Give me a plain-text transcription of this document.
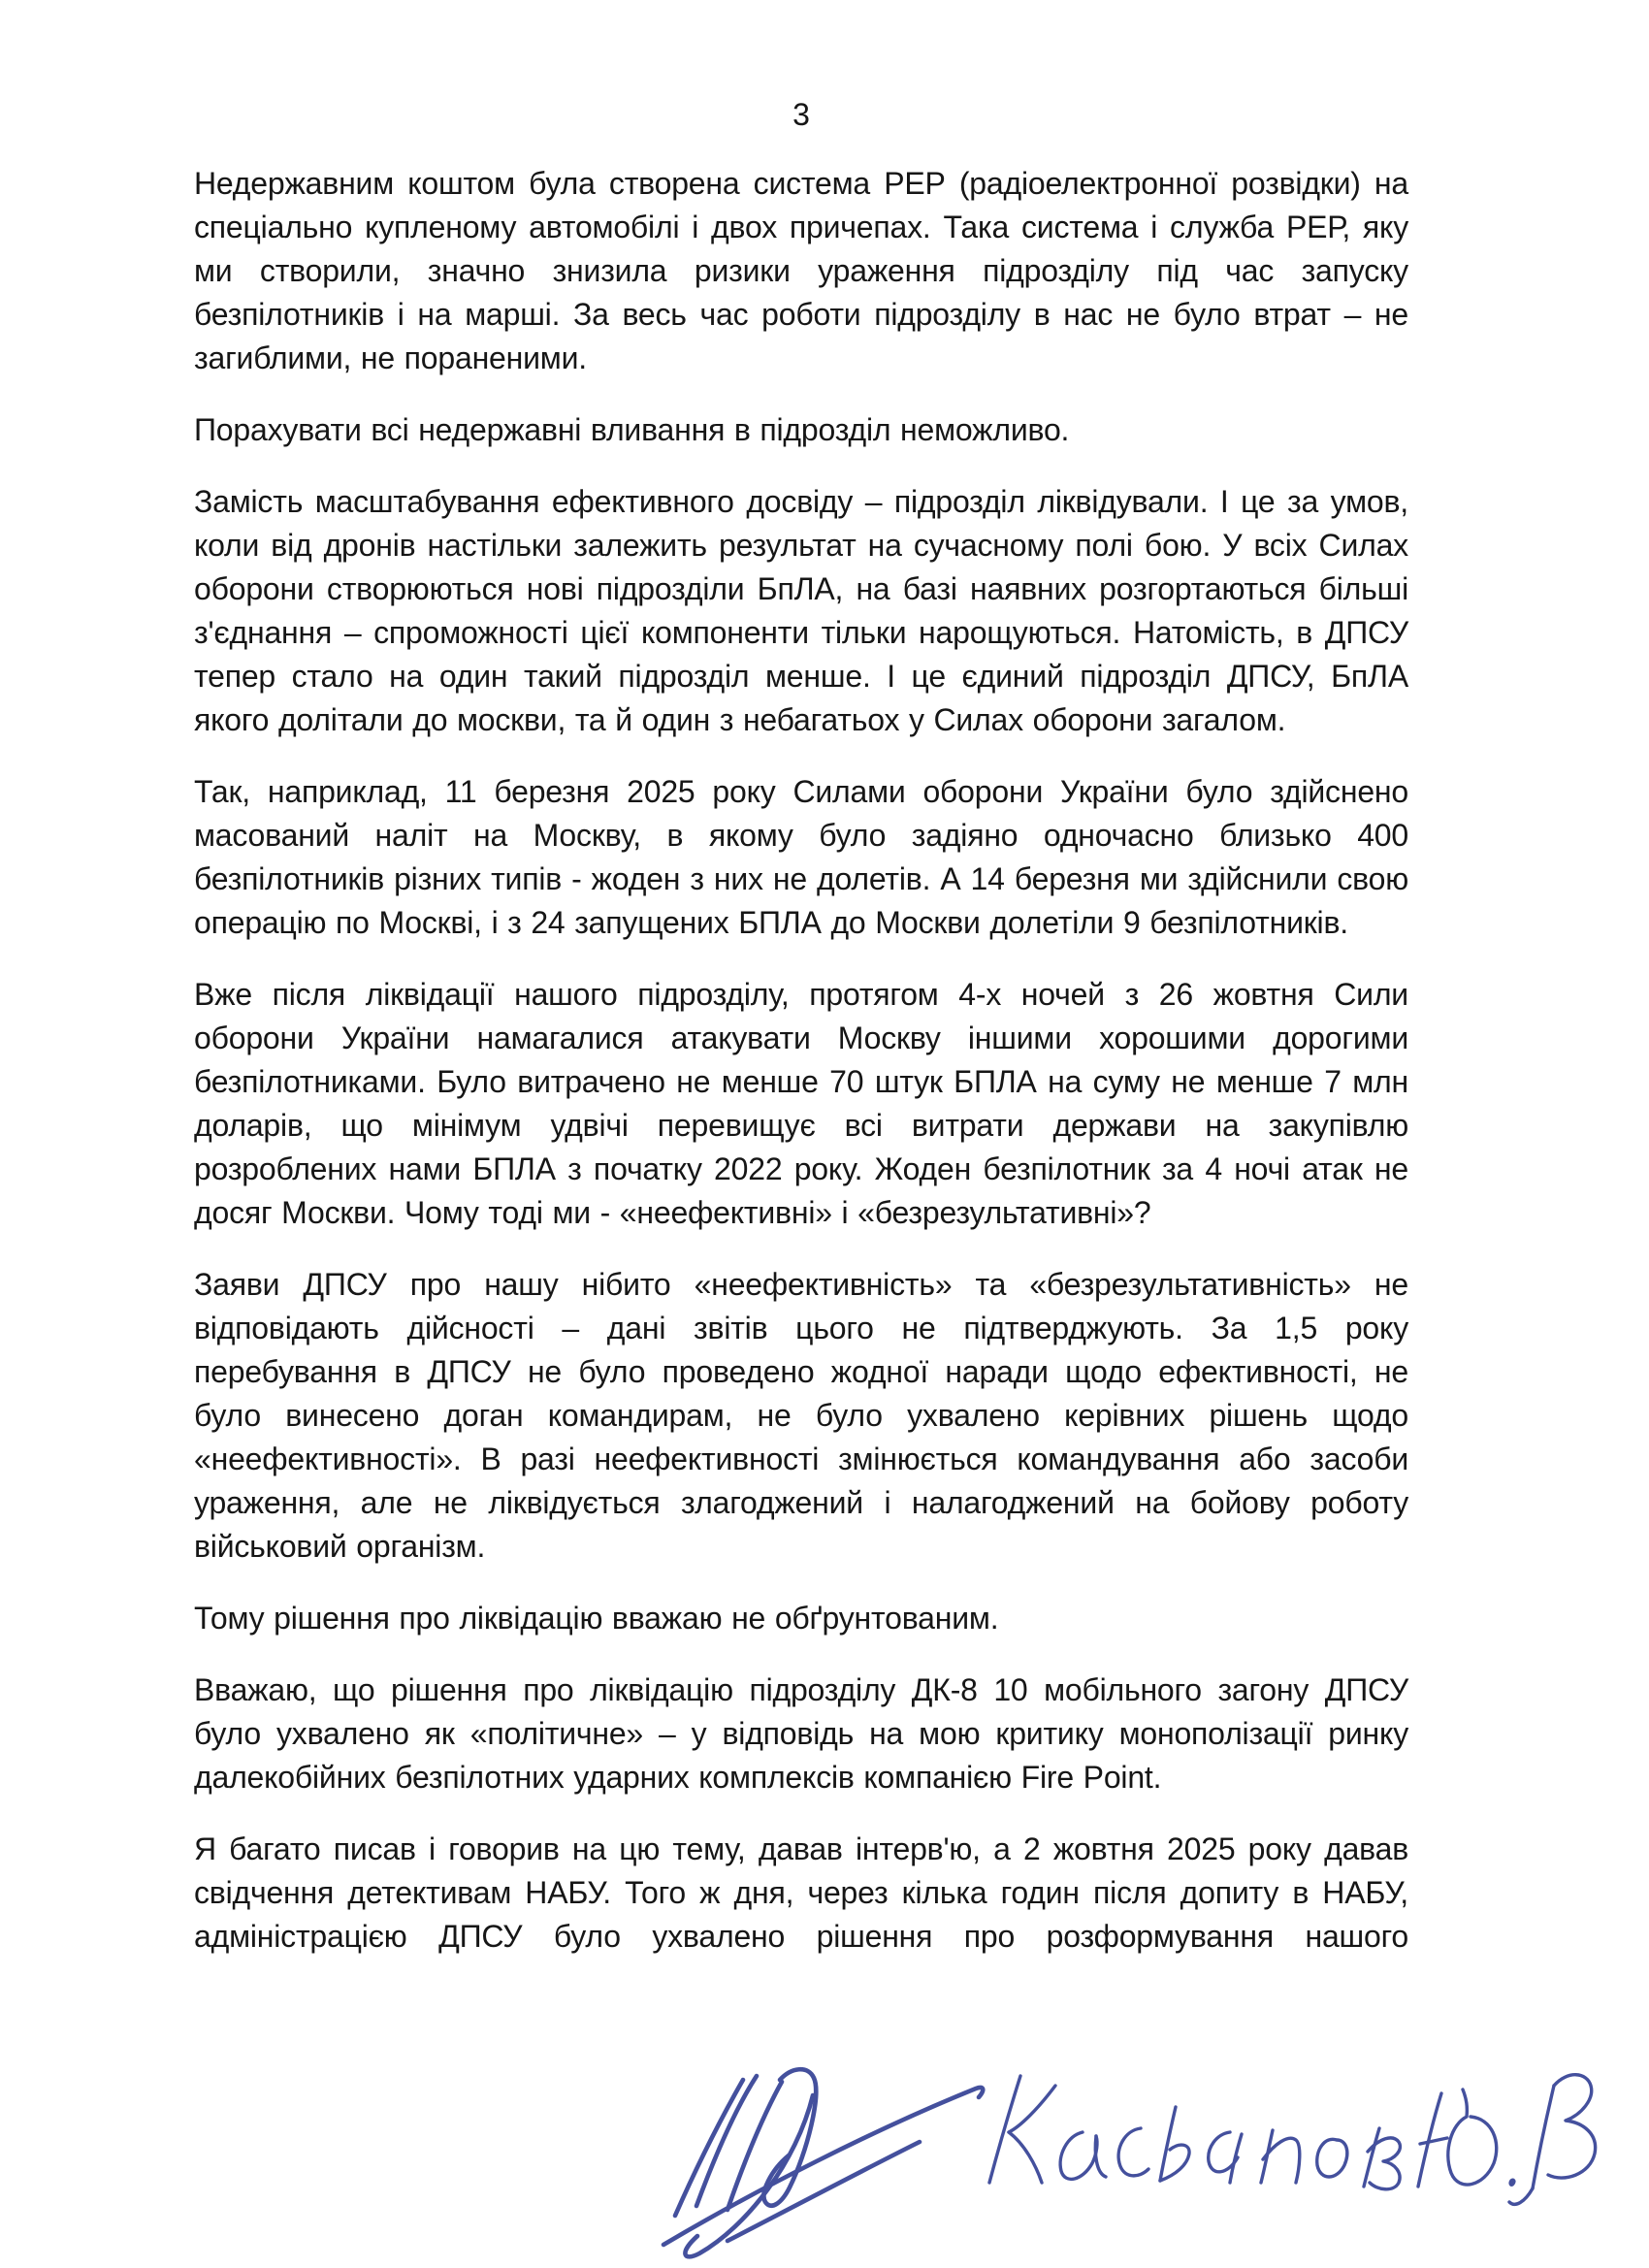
3

Недержавним коштом була створена система РЕР (радіоелектронної розвідки) на спеціально купленому автомобілі і двох причепах. Така система і служба РЕР, яку ми створили, значно знизила ризики ураження підрозділу під час запуску безпілотників і на марші. За весь час роботи підрозділу в нас не було втрат – не загиблими, не пораненими.

Порахувати всі недержавні вливання в підрозділ неможливо.

Замість масштабування ефективного досвіду – підрозділ ліквідували. І це за умов, коли від дронів настільки залежить результат на сучасному полі бою. У всіх Силах оборони створюються нові підрозділи БпЛА, на базі наявних розгортаються більші з'єднання – спроможності цієї компоненти тільки нарощуються. Натомість, в ДПСУ тепер стало на один такий підрозділ менше. І це єдиний підрозділ ДПСУ, БпЛА якого долітали до москви, та й один з небагатьох у Силах оборони загалом.

Так, наприклад, 11 березня 2025 року Силами оборони України було здійснено масований наліт на Москву, в якому було задіяно одночасно близько 400 безпілотників різних типів - жоден з них не долетів. А 14 березня ми здійснили свою операцію по Москві, і з 24 запущених БПЛА до Москви долетіли 9 безпілотників.

Вже після ліквідації нашого підрозділу, протягом 4-х ночей з 26 жовтня Сили оборони України намагалися атакувати Москву іншими хорошими дорогими безпілотниками. Було витрачено не менше 70 штук БПЛА на суму не менше 7 млн доларів, що мінімум удвічі перевищує всі витрати держави на закупівлю розроблених нами БПЛА з початку 2022 року. Жоден безпілотник за 4 ночі атак не досяг Москви. Чому тоді ми - «неефективні» і «безрезультативні»?

Заяви ДПСУ про нашу нібито «неефективність» та «безрезультативність» не відповідають дійсності – дані звітів цього не підтверджують. За 1,5 року перебування в ДПСУ не було проведено жодної наради щодо ефективності, не було винесено доган командирам, не було ухвалено керівних рішень щодо «неефективності». В разі неефективності змінюється командування або засоби ураження, але не ліквідується злагоджений і налагоджений на бойову роботу військовий організм.

Тому рішення про ліквідацію вважаю не обґрунтованим.

Вважаю, що рішення про ліквідацію підрозділу ДК-8 10 мобільного загону ДПСУ було ухвалено як «політичне» – у відповідь на мою критику монополізації ринку далекобійних безпілотних ударних комплексів компанією Fire Point.

Я багато писав і говорив на цю тему, давав інтерв'ю, а 2 жовтня 2025 року давав свідчення детективам НАБУ. Того ж дня, через кілька годин після допиту в НАБУ, адміністрацією ДПСУ було ухвалено рішення про розформування нашого
